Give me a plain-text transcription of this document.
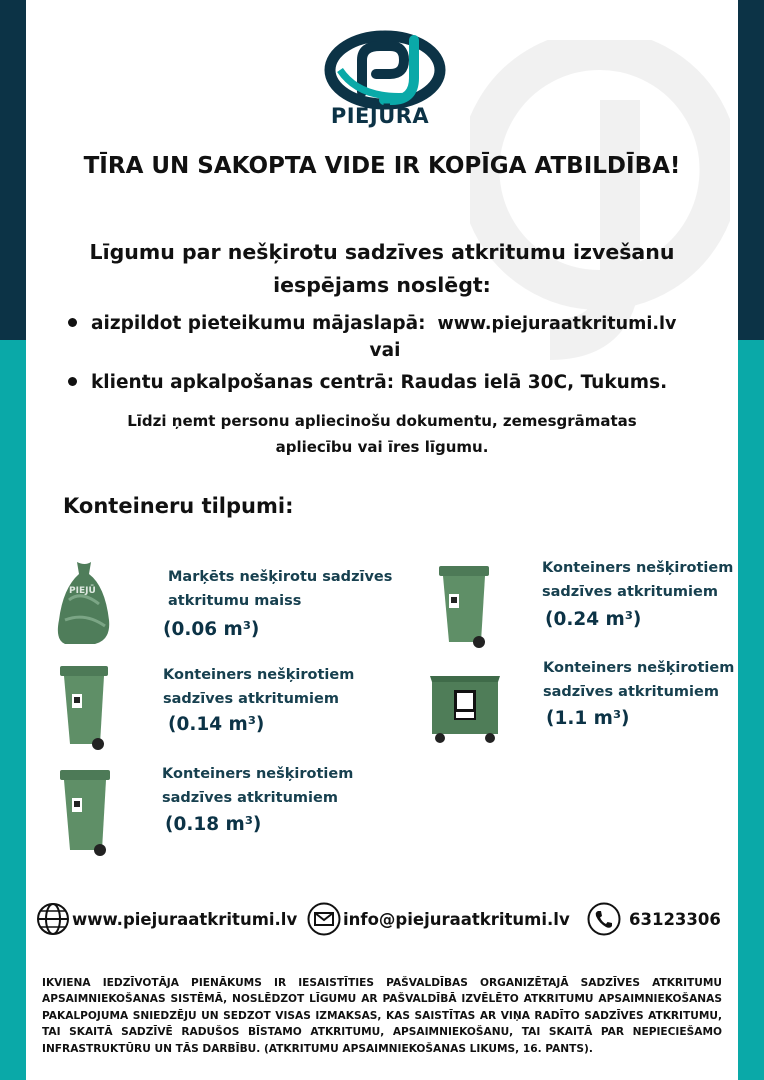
PIEJŪRA
TĪRA UN SAKOPTA VIDE IR KOPĪGA ATBILDĪBA!
Līgumu par nešķirotu sadzīves atkritumu izvešanu
iespējams noslēgt:
aizpildot pieteikumu mājaslapā: www.piejuraatkritumi.lv
vai
klientu apkalpošanas centrā: Raudas ielā 30C, Tukums.
Līdzi ņemt personu apliecinošu dokumentu, zemesgrāmatas
apliecību vai īres līgumu.
Konteineru tilpumi:
PIEJŪ
Marķēts nešķirotu sadzīves
atkritumu maiss
(0.06 m³)
Konteiners nešķirotiem
sadzīves atkritumiem
(0.14 m³)
Konteiners nešķirotiem
sadzīves atkritumiem
(0.18 m³)
Konteiners nešķirotiem
sadzīves atkritumiem
(0.24 m³)
Konteiners nešķirotiem
sadzīves atkritumiem
(1.1 m³)
www.piejuraatkritumi.lv	info@piejuraatkritumi.lv	63123306
IKVIENA IEDZĪVOTĀJA PIENĀKUMS IR IESAISTĪTIES PAŠVALDĪBAS ORGANIZĒTAJĀ SADZĪVES ATKRITUMU APSAIMNIEKOŠANAS SISTĒMĀ, NOSLĒDZOT LĪGUMU AR PAŠVALDĪBĀ IZVĒLĒTO ATKRITUMU APSAIMNIEKOŠANAS PAKALPOJUMA SNIEDZĒJU UN SEDZOT VISAS IZMAKSAS, KAS SAISTĪTAS AR VIŅA RADĪTO SADZĪVES ATKRITUMU, TAI SKAITĀ SADZĪVĒ RADUŠOS BĪSTAMO ATKRITUMU, APSAIMNIEKOŠANU, TAI SKAITĀ PAR NEPIECIEŠAMO INFRASTRUKTŪRU UN TĀS DARBĪBU. (ATKRITUMU APSAIMNIEKOŠANAS LIKUMS, 16. PANTS).
